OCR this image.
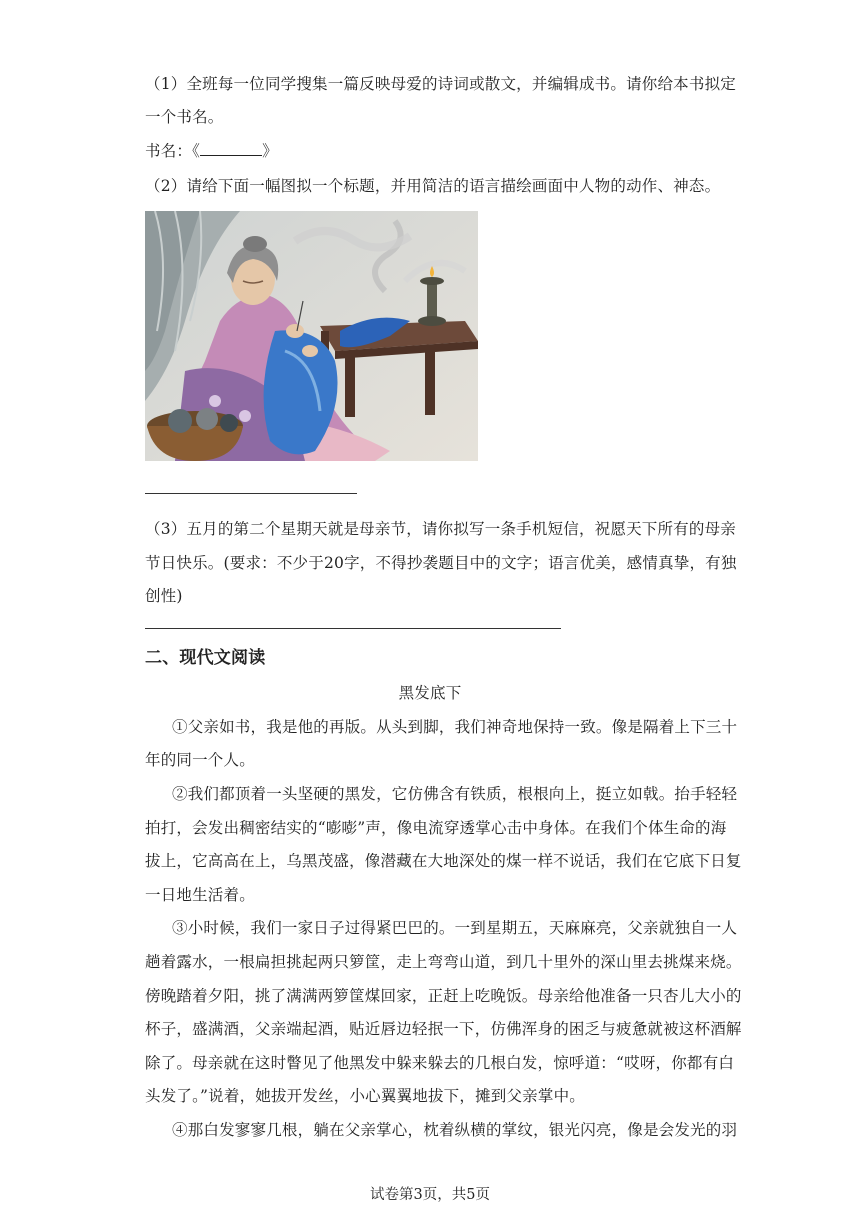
（1）全班每一位同学搜集一篇反映母爱的诗词或散文，并编辑成书。请你给本书拟定
一个书名。
书名：《	》
（2）请给下面一幅图拟一个标题，并用简洁的语言描绘画面中人物的动作、神态。
（3）五月的第二个星期天就是母亲节，请你拟写一条手机短信，祝愿天下所有的母亲
节日快乐。(要求：不少于20字，不得抄袭题目中的文字；语言优美，感情真挚，有独
创性)
二、现代文阅读
黑发底下
①父亲如书，我是他的再版。从头到脚，我们神奇地保持一致。像是隔着上下三十
年的同一个人。
②我们都顶着一头坚硬的黑发，它仿佛含有铁质，根根向上，挺立如戟。抬手轻轻
拍打，会发出稠密结实的“嘭嘭”声，像电流穿透掌心击中身体。在我们个体生命的海
拔上，它高高在上，乌黑茂盛，像潜藏在大地深处的煤一样不说话，我们在它底下日复
一日地生活着。
③小时候，我们一家日子过得紧巴巴的。一到星期五，天麻麻亮，父亲就独自一人
趟着露水，一根扁担挑起两只箩筐，走上弯弯山道，到几十里外的深山里去挑煤来烧。
傍晚踏着夕阳，挑了满满两箩筐煤回家，正赶上吃晚饭。母亲给他准备一只杏儿大小的
杯子，盛满酒，父亲端起酒，贴近唇边轻抿一下，仿佛浑身的困乏与疲惫就被这杯酒解
除了。母亲就在这时瞥见了他黑发中躲来躲去的几根白发，惊呼道：“哎呀，你都有白
头发了。”说着，她拔开发丝，小心翼翼地拔下，摊到父亲掌中。
④那白发寥寥几根，躺在父亲掌心，枕着纵横的掌纹，银光闪亮，像是会发光的羽
试卷第3页，共5页
